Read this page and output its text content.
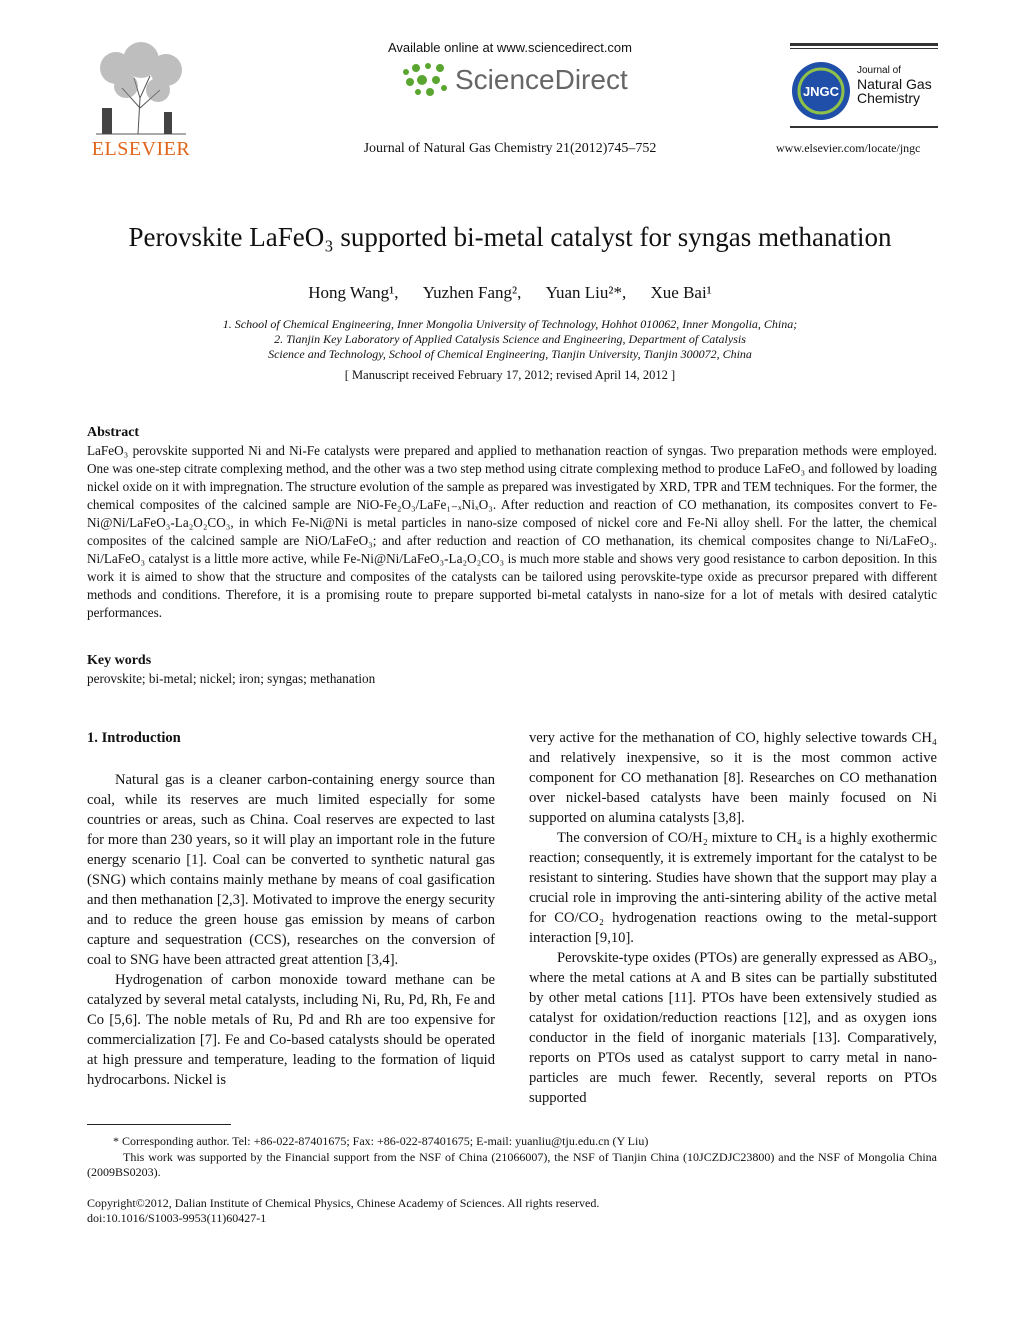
ELSEVIER
Available online at www.sciencedirect.com
ScienceDirect
Journal of Natural Gas Chemistry 21(2012)745–752
JNGC
Journal of
Natural Gas
Chemistry
www.elsevier.com/locate/jngc
Perovskite LaFeO₃ supported bi-metal catalyst for syngas methanation
Hong Wang¹, Yuzhen Fang², Yuan Liu²*, Xue Bai¹
1. School of Chemical Engineering, Inner Mongolia University of Technology, Hohhot 010062, Inner Mongolia, China;
2. Tianjin Key Laboratory of Applied Catalysis Science and Engineering, Department of Catalysis
Science and Technology, School of Chemical Engineering, Tianjin University, Tianjin 300072, China
[ Manuscript received February 17, 2012; revised April 14, 2012 ]
Abstract
LaFeO₃ perovskite supported Ni and Ni-Fe catalysts were prepared and applied to methanation reaction of syngas. Two preparation methods were employed. One was one-step citrate complexing method, and the other was a two step method using citrate complexing method to produce LaFeO₃ and followed by loading nickel oxide on it with impregnation. The structure evolution of the sample as prepared was investigated by XRD, TPR and TEM techniques. For the former, the chemical composites of the calcined sample are NiO-Fe₂O₃/LaFe₁₋ₓNiₓO₃. After reduction and reaction of CO methanation, its composites convert to Fe-Ni@Ni/LaFeO₃-La₂O₂CO₃, in which Fe-Ni@Ni is metal particles in nano-size composed of nickel core and Fe-Ni alloy shell. For the latter, the chemical composites of the calcined sample are NiO/LaFeO₃; and after reduction and reaction of CO methanation, its chemical composites change to Ni/LaFeO₃. Ni/LaFeO₃ catalyst is a little more active, while Fe-Ni@Ni/LaFeO₃-La₂O₂CO₃ is much more stable and shows very good resistance to carbon deposition. In this work it is aimed to show that the structure and composites of the catalysts can be tailored using perovskite-type oxide as precursor prepared with different methods and conditions. Therefore, it is a promising route to prepare supported bi-metal catalysts in nano-size for a lot of metals with desired catalytic performances.
Key words
perovskite; bi-metal; nickel; iron; syngas; methanation

1. Introduction

Natural gas is a cleaner carbon-containing energy source than coal, while its reserves are much limited especially for some countries or areas, such as China. Coal reserves are expected to last for more than 230 years, so it will play an important role in the future energy scenario [1]. Coal can be converted to synthetic natural gas (SNG) which contains mainly methane by means of coal gasification and then methanation [2,3]. Motivated to improve the energy security and to reduce the green house gas emission by means of carbon capture and sequestration (CCS), researches on the conversion of coal to SNG have been attracted great attention [3,4].

Hydrogenation of carbon monoxide toward methane can be catalyzed by several metal catalysts, including Ni, Ru, Pd, Rh, Fe and Co [5,6]. The noble metals of Ru, Pd and Rh are too expensive for commercialization [7]. Fe and Co-based catalysts should be operated at high pressure and temperature, leading to the formation of liquid hydrocarbons. Nickel is

very active for the methanation of CO, highly selective towards CH₄ and relatively inexpensive, so it is the most common active component for CO methanation [8]. Researches on CO methanation over nickel-based catalysts have been mainly focused on Ni supported on alumina catalysts [3,8].

The conversion of CO/H₂ mixture to CH₄ is a highly exothermic reaction; consequently, it is extremely important for the catalyst to be resistant to sintering. Studies have shown that the support may play a crucial role in improving the anti-sintering ability of the active metal for CO/CO₂ hydrogenation reactions owing to the metal-support interaction [9,10].

Perovskite-type oxides (PTOs) are generally expressed as ABO₃, where the metal cations at A and B sites can be partially substituted by other metal cations [11]. PTOs have been extensively studied as catalyst for oxidation/reduction reactions [12], and as oxygen ions conductor in the field of inorganic materials [13]. Comparatively, reports on PTOs used as catalyst support to carry metal in nano-particles are much fewer. Recently, several reports on PTOs supported

* Corresponding author. Tel: +86-022-87401675; Fax: +86-022-87401675; E-mail: yuanliu@tju.edu.cn (Y Liu)
This work was supported by the Financial support from the NSF of China (21066007), the NSF of Tianjin China (10JCZDJC23800) and the NSF of Mongolia China (2009BS0203).
Copyright©2012, Dalian Institute of Chemical Physics, Chinese Academy of Sciences. All rights reserved.
doi:10.1016/S1003-9953(11)60427-1
